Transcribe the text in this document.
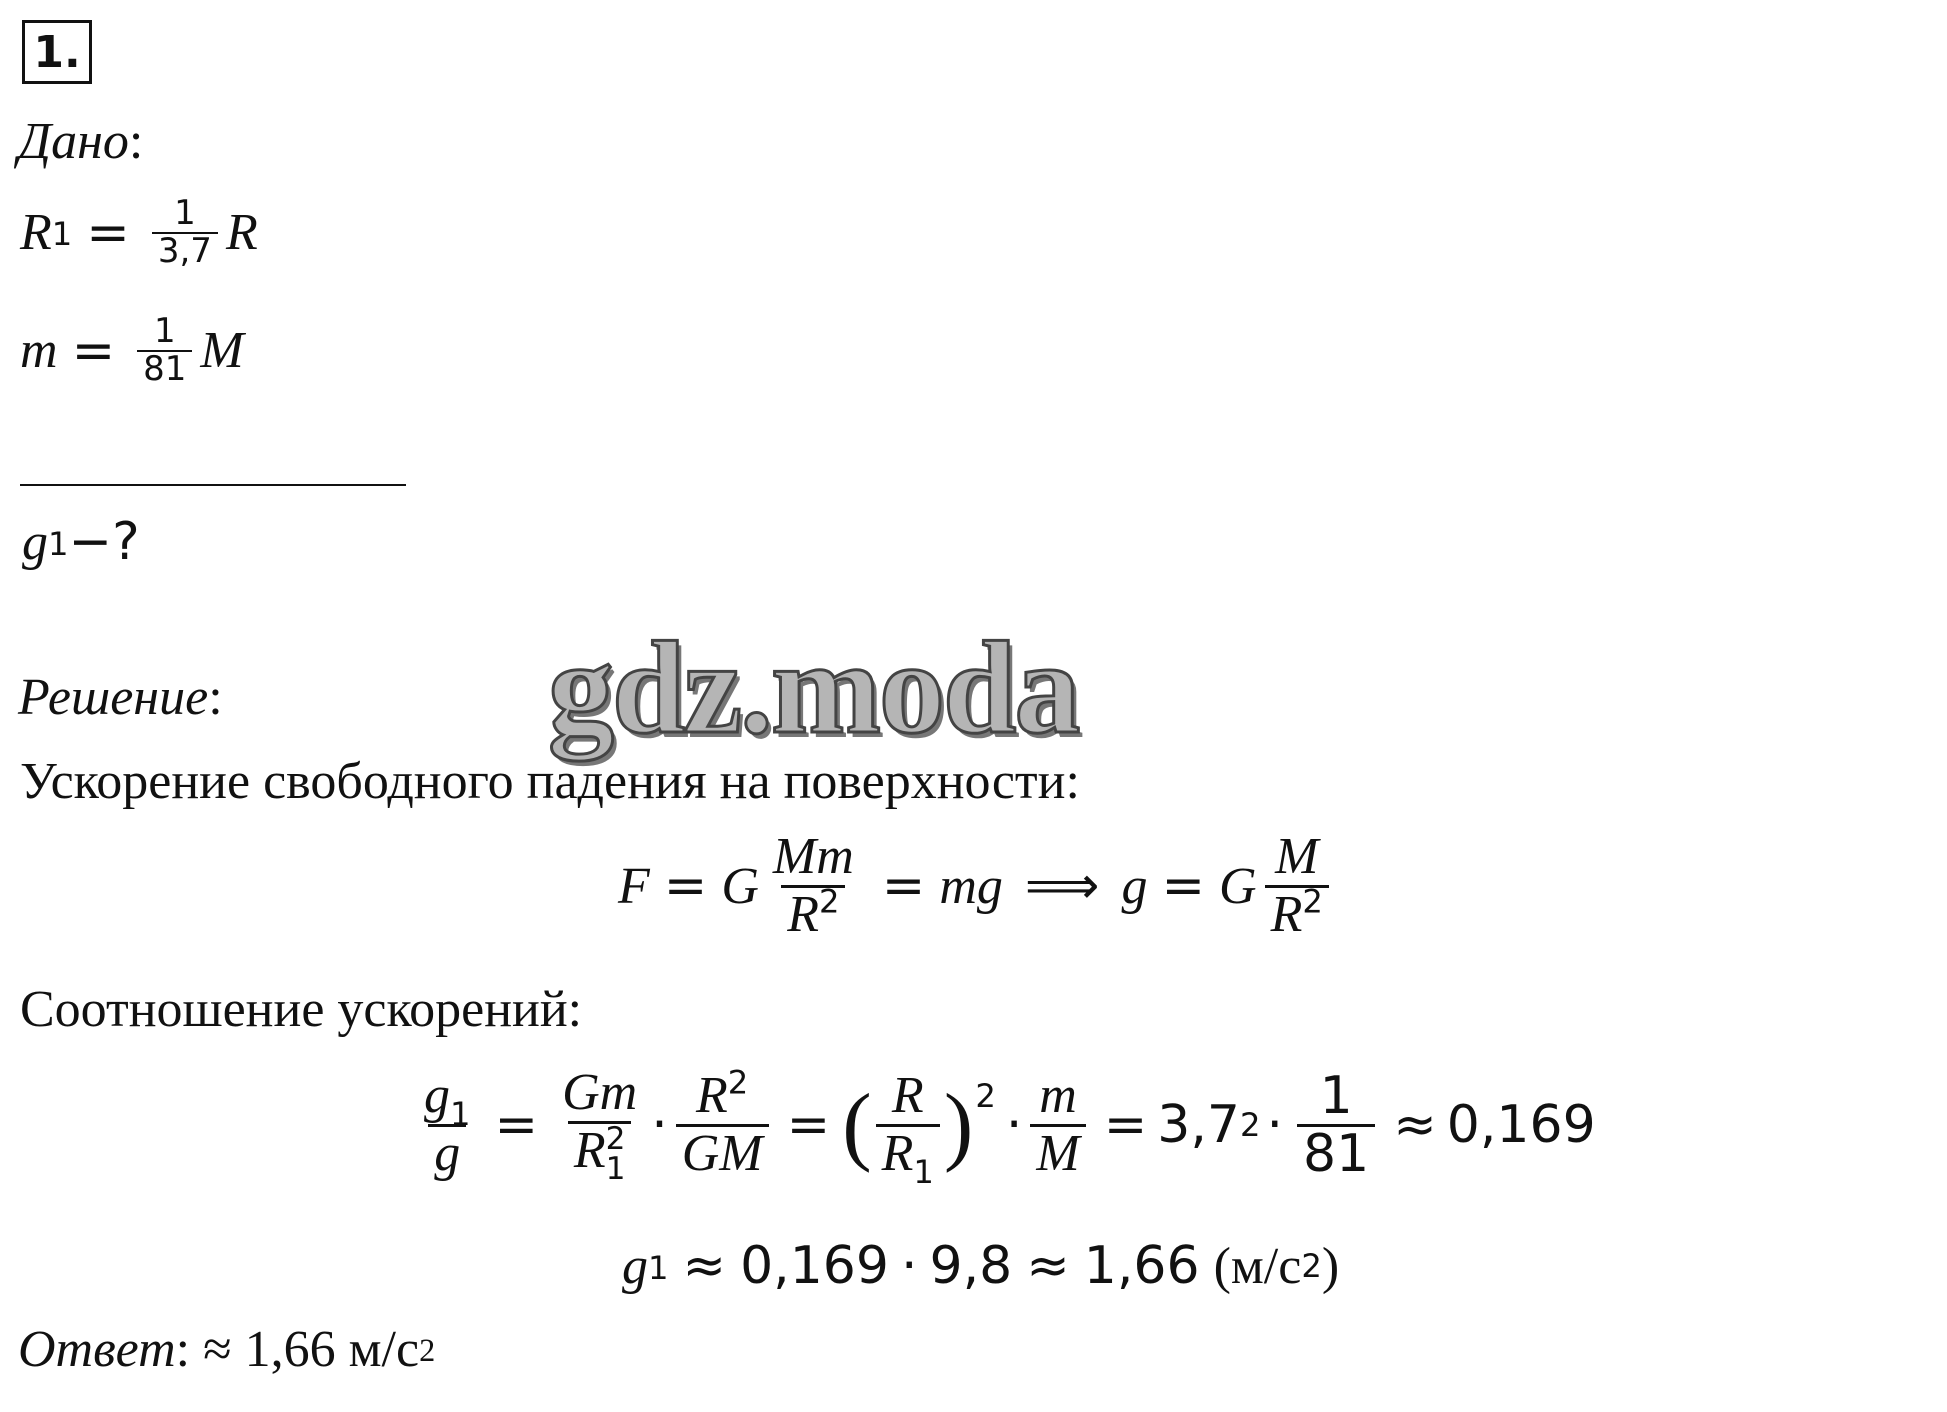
1.
Дано :
$R_1 = \frac{1}{3,7}$ R
$m = \frac{1}{81}$ M
$g_1$ −?
gdz.moda
Решение :
Ускорение свободного падения на поверхности:
F = G $\frac{Mm}{R^2}$ = mg ⟹ g = G $\frac{M}{R^2}$
Соотношение ускорений:
$\frac{g_1}{g} = Gm$
R 2
$1 \cdot \frac{R^2}{GM}$ = ( $\frac{R}{R_1} )^2 \cdot \frac{m}{M} = 3,7$ $2 \cdot \frac{1}{81} \approx 0,169$
$g_1 \approx 0,169 \cdot 9,8 \approx 1,66$ (м/с 2 )
Ответ : ≈ 1,66 м/с 2
